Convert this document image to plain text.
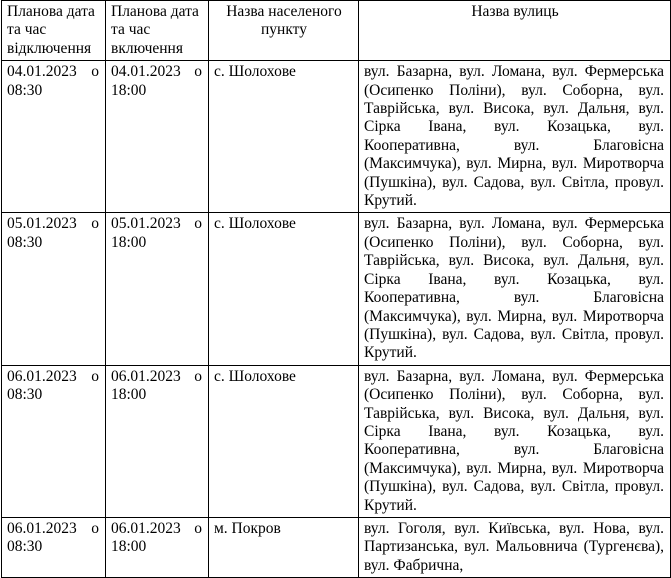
Планова дата та час відключення	Планова дата та час включення	Назва населеного пункту	Назва вулиць
04.01.2023 о 08:30	04.01.2023 о 18:00	с. Шолохове	вул. Базарна, вул. Ломана, вул. Фермерська (Осипенко Поліни), вул. Соборна, вул. Таврійська, вул. Висока, вул. Дальня, вул. Сірка Івана, вул. Козацька, вул. Кооперативна, вул. Благовісна (Максимчука), вул. Мирна, вул. Миротворча (Пушкіна), вул. Садова, вул. Світла, провул. Крутий.
05.01.2023 о 08:30	05.01.2023 о 18:00	с. Шолохове	вул. Базарна, вул. Ломана, вул. Фермерська (Осипенко Поліни), вул. Соборна, вул. Таврійська, вул. Висока, вул. Дальня, вул. Сірка Івана, вул. Козацька, вул. Кооперативна, вул. Благовісна (Максимчука), вул. Мирна, вул. Миротворча (Пушкіна), вул. Садова, вул. Світла, провул. Крутий.
06.01.2023 о 08:30	06.01.2023 о 18:00	с. Шолохове	вул. Базарна, вул. Ломана, вул. Фермерська (Осипенко Поліни), вул. Соборна, вул. Таврійська, вул. Висока, вул. Дальня, вул. Сірка Івана, вул. Козацька, вул. Кооперативна, вул. Благовісна (Максимчука), вул. Мирна, вул. Миротворча (Пушкіна), вул. Садова, вул. Світла, провул. Крутий.
06.01.2023 о 08:30	06.01.2023 о 18:00	м. Покров	вул. Гоголя, вул. Київська, вул. Нова, вул. Партизанська, вул. Мальовнича (Тургенєва), вул. Фабрична,
